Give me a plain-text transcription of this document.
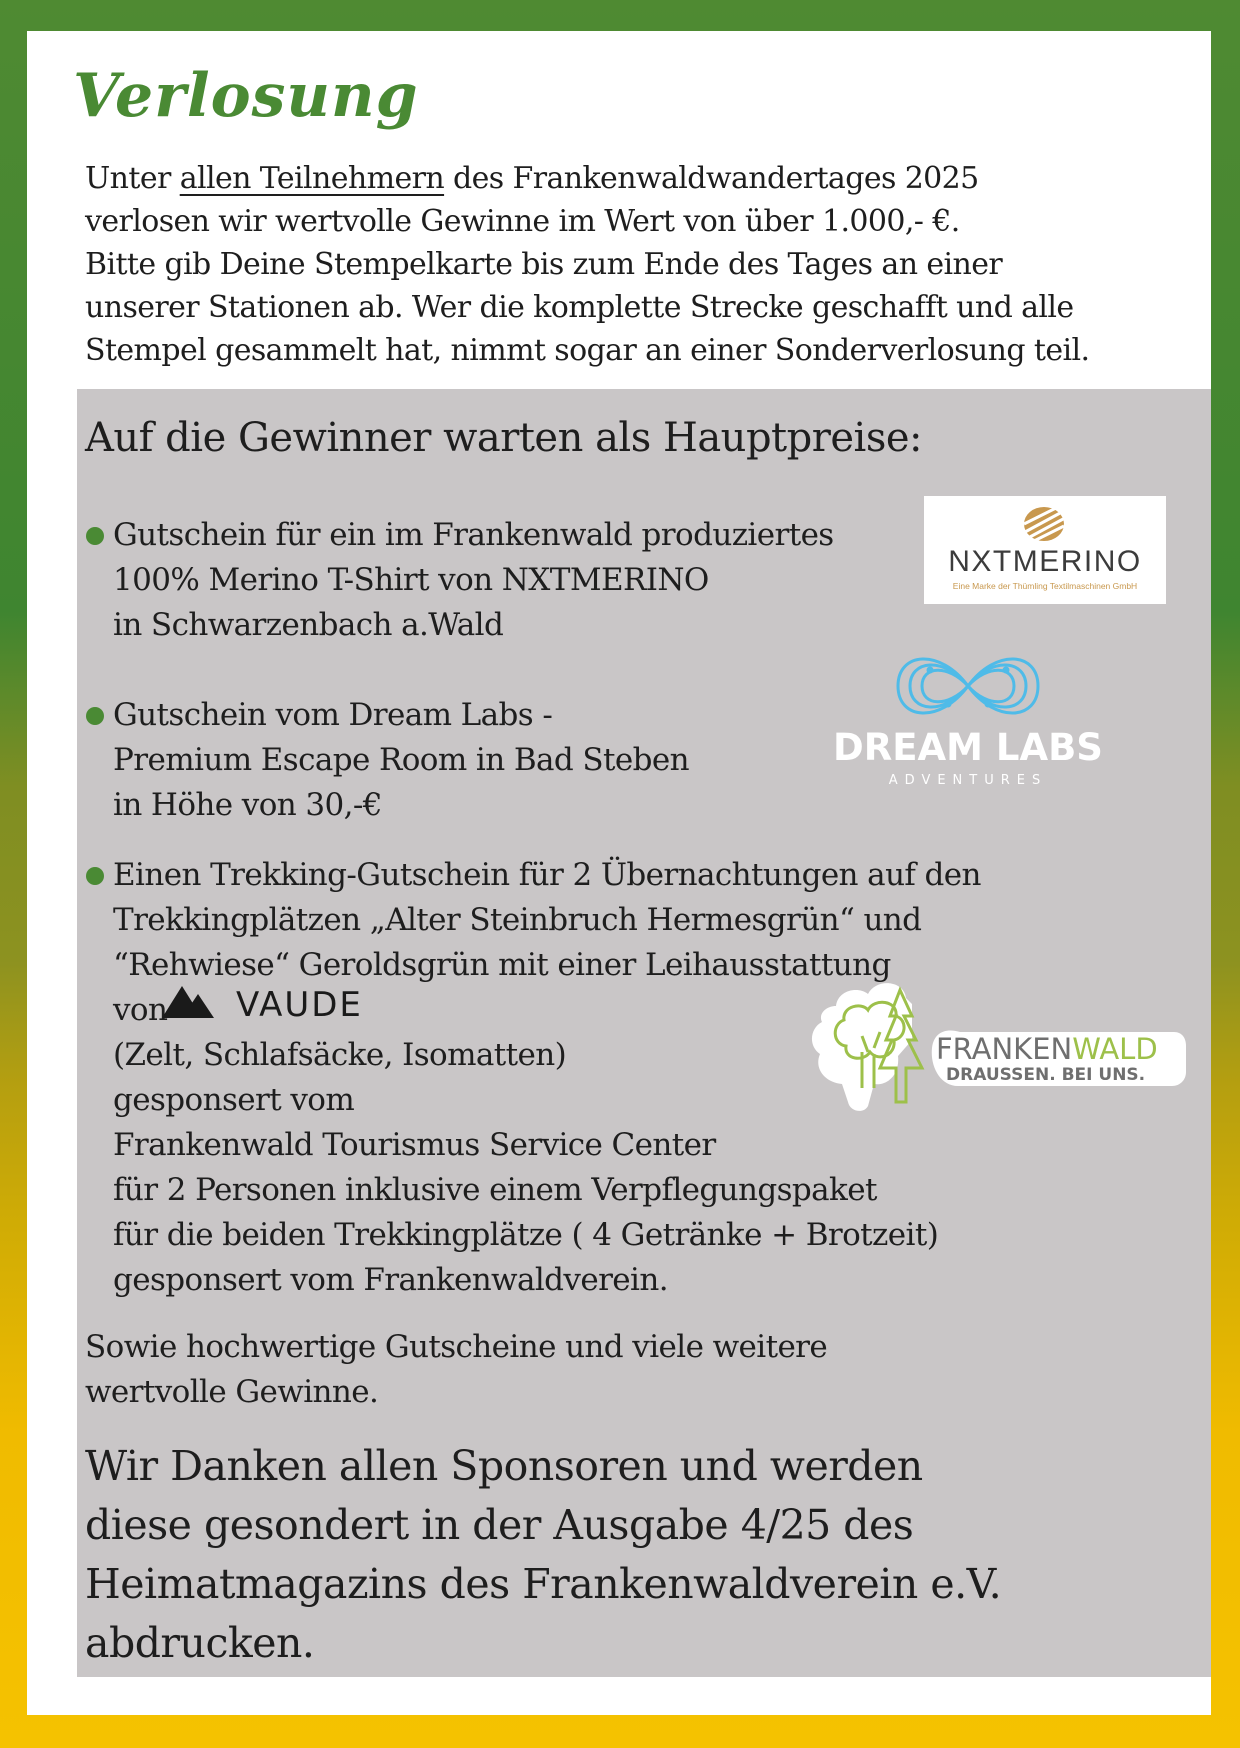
Verlosung
Unter allen Teilnehmern des Frankenwaldwandertages 2025
verlosen wir wertvolle Gewinne im Wert von über 1.000,- €.
Bitte gib Deine Stempelkarte bis zum Ende des Tages an einer
unserer Stationen ab. Wer die komplette Strecke geschafft und alle
Stempel gesammelt hat, nimmt sogar an einer Sonderverlosung teil.
Auf die Gewinner warten als Hauptpreise:
Gutschein für ein im Frankenwald produziertes
100% Merino T-Shirt von NXTMERINO
in Schwarzenbach a.Wald
Gutschein vom Dream Labs -
Premium Escape Room in Bad Steben
in Höhe von 30,-€
Einen Trekking-Gutschein für 2 Übernachtungen auf den
Trekkingplätzen „Alter Steinbruch Hermesgrün“ und
“Rehwiese“ Geroldsgrün mit einer Leihausstattung
von
(Zelt, Schlafsäcke, Isomatten)
gesponsert vom
Frankenwald Tourismus Service Center
für 2 Personen inklusive einem Verpflegungspaket
für die beiden Trekkingplätze ( 4 Getränke + Brotzeit)
gesponsert vom Frankenwaldverein.
Sowie hochwertige Gutscheine und viele weitere
wertvolle Gewinne.
Wir Danken allen Sponsoren und werden
diese gesondert in der Ausgabe 4/25 des
Heimatmagazins des Frankenwaldverein e.V.
abdrucken.
NXTMERINO
Eine Marke der Thümling Textilmaschinen GmbH
DREAM LABS
ADVENTURES
VAUDE
FRANKENWALD
DRAUSSEN. BEI UNS.
